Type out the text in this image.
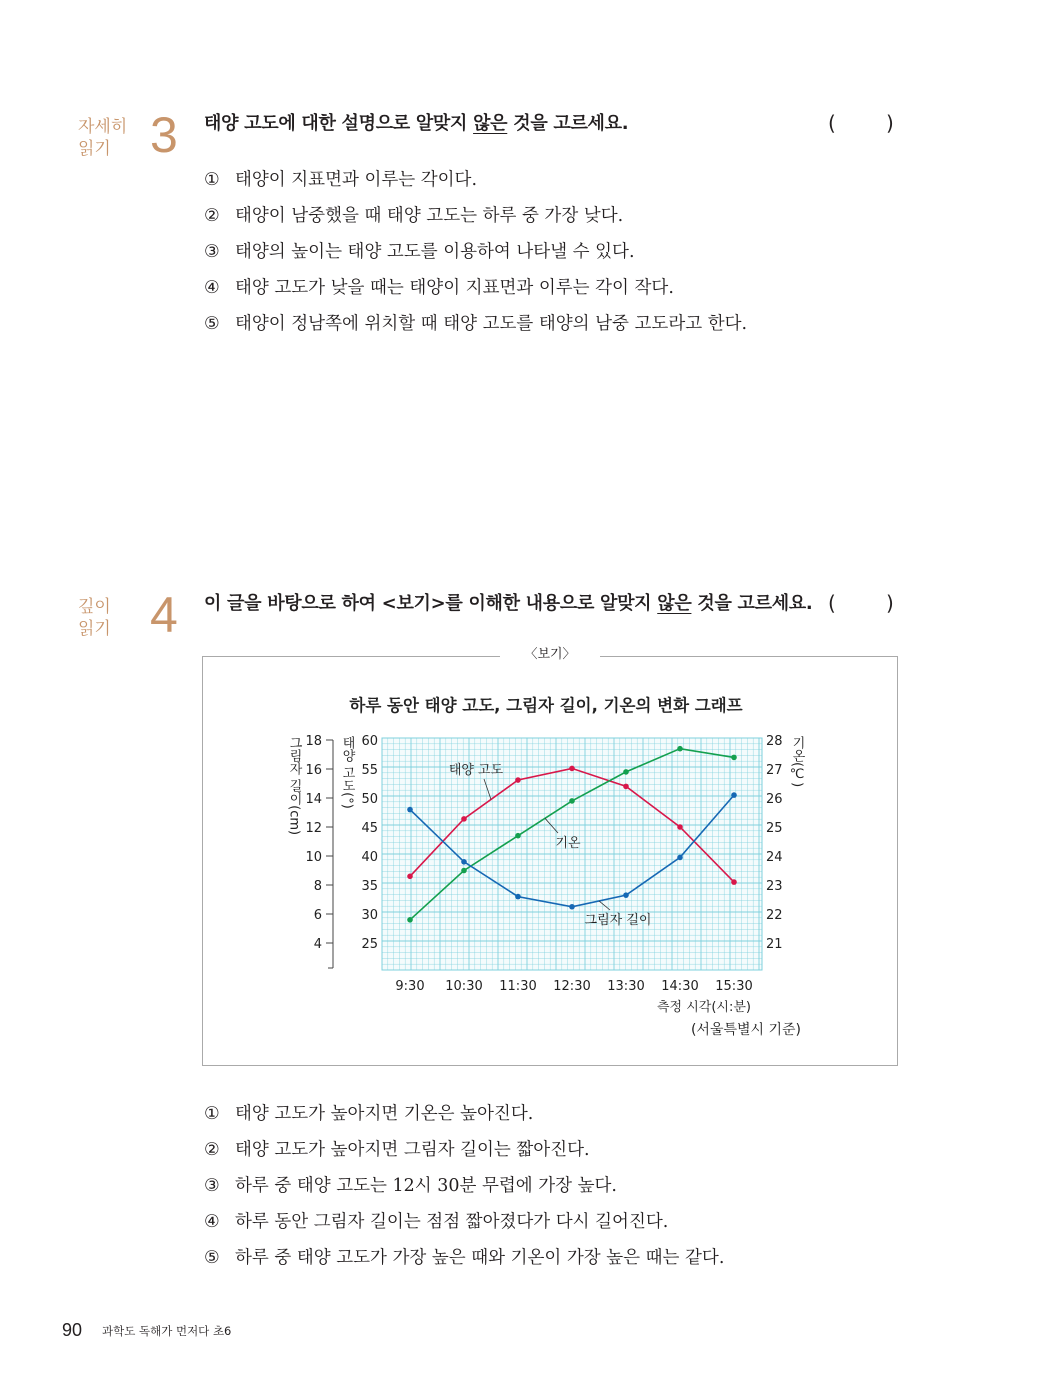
자세히
읽기 3 태양 고도에 대한 설명으로 알맞지 않은 것을 고르세요.	(	)
① 태양이 지표면과 이루는 각이다.
② 태양이 남중했을 때 태양 고도는 하루 중 가장 낮다.
③ 태양의 높이는 태양 고도를 이용하여 나타낼 수 있다.
④ 태양 고도가 낮을 때는 태양이 지표면과 이루는 각이 작다.
⑤ 태양이 정남쪽에 위치할 때 태양 고도를 태양의 남중 고도라고 한다.
깊이
읽기 4 이 글을 바탕으로 하여 <보기>를 이해한 내용으로 알맞지 않은 것을 고르세요. (	)
〈보기〉
18
16
14
12
10
8
6
4
60
55
50
45
40
35
30
25
28
27
26
25
24
23
22
21
그림자 길이(cm)	태양 고도(°)	기온(℃)
9:30 10:30 11:30 12:30 13:30 14:30 15:30
측정 시각(시:분)
(서울특별시 기준)
하루 동안 태양 고도, 그림자 길이, 기온의 변화 그래프
태양 고도
기온
그림자 길이
① 태양 고도가 높아지면 기온은 높아진다.
② 태양 고도가 높아지면 그림자 길이는 짧아진다.
③ 하루 중 태양 고도는 12시 30분 무렵에 가장 높다.
④ 하루 동안 그림자 길이는 점점 짧아졌다가 다시 길어진다.
⑤ 하루 중 태양 고도가 가장 높은 때와 기온이 가장 높은 때는 같다.
90 과학도 독해가 먼저다 초6
